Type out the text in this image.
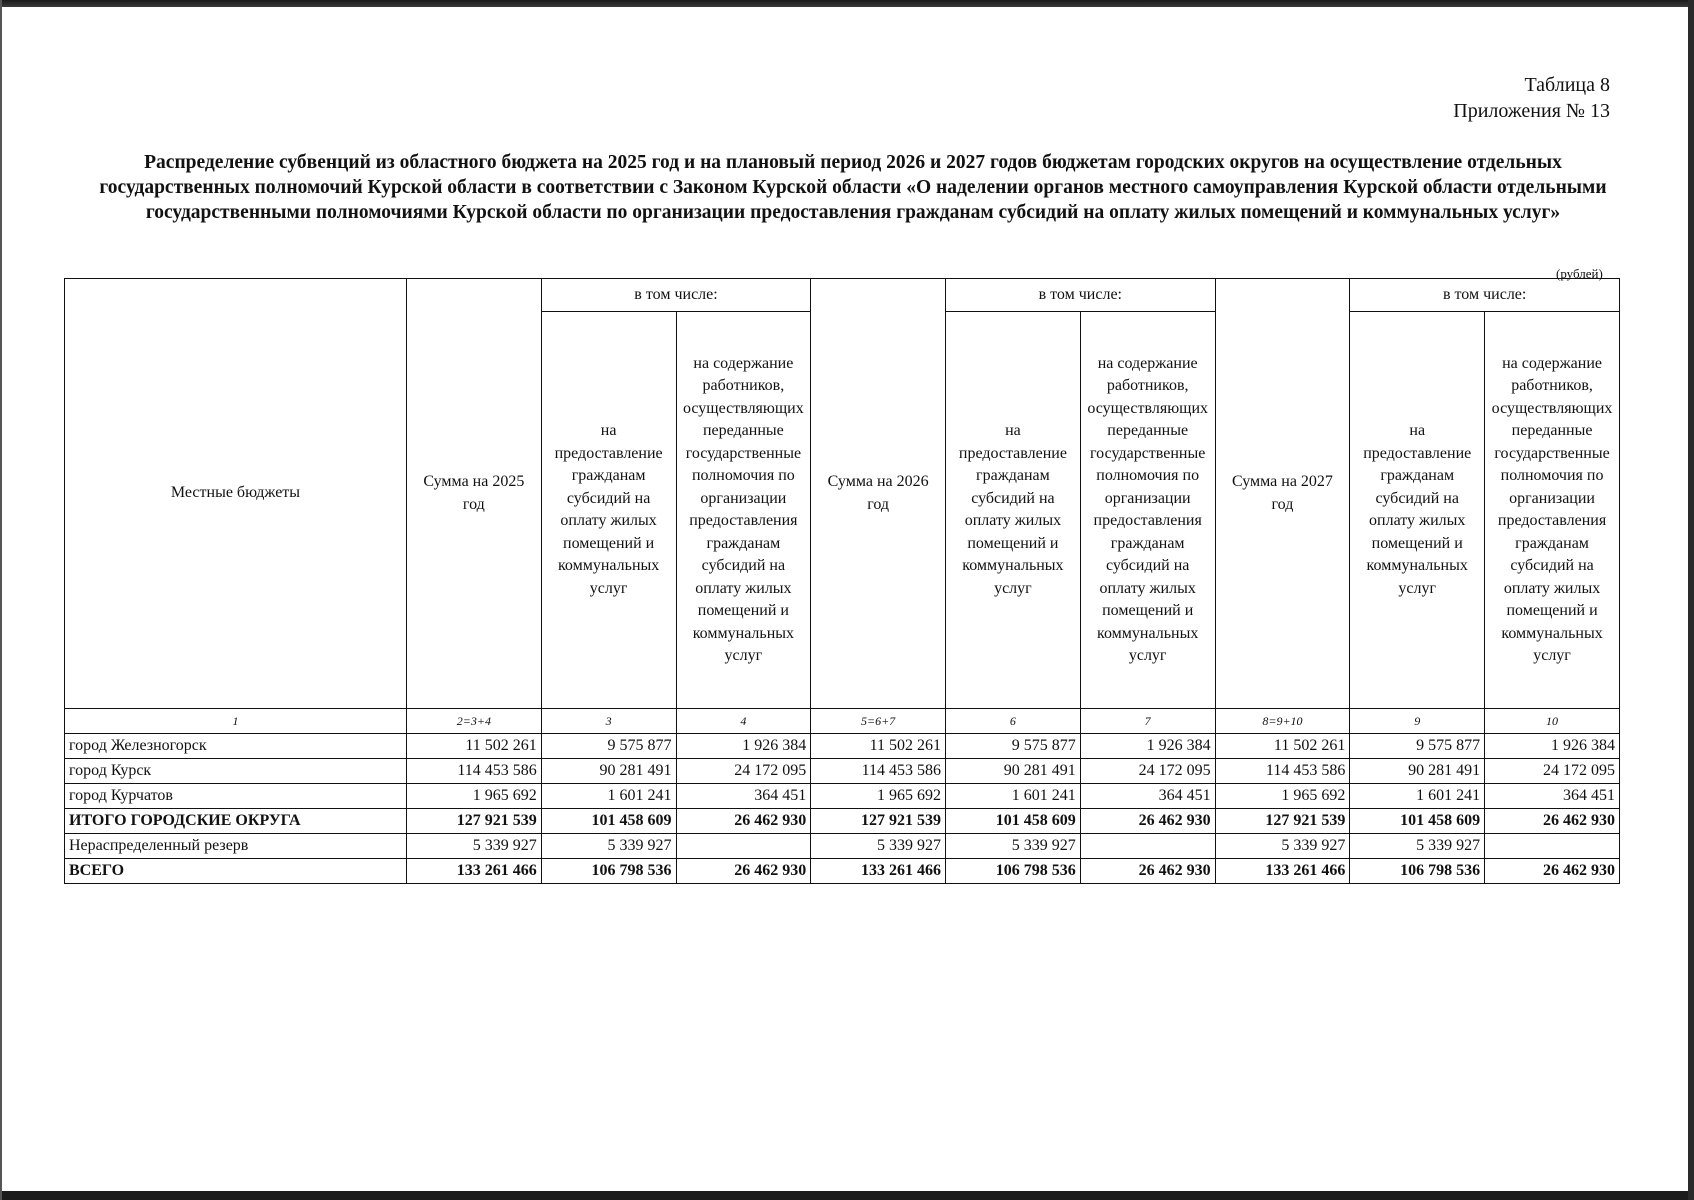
Таблица 8
Приложения № 13
Распределение субвенций из областного бюджета на 2025 год и на плановый период 2026 и 2027 годов бюджетам городских округов на осуществление отдельных государственных полномочий Курской области в соответствии с Законом Курской области «О наделении органов местного самоуправления Курской области отдельными государственными полномочиями Курской области по организации предоставления гражданам субсидий на оплату жилых помещений и коммунальных услуг»
(рублей)
Местные бюджеты	Сумма на 2025 год	в том числе:		Сумма на 2026 год	в том числе:		Сумма на 2027 год	в том числе:	
		на предоставление гражданам субсидий на оплату жилых помещений и коммунальных услуг	на содержание работников, осуществляющих переданные государственные полномочия по организации предоставления гражданам субсидий на оплату жилых помещений и коммунальных услуг		на предоставление гражданам субсидий на оплату жилых помещений и коммунальных услуг	на содержание работников, осуществляющих переданные государственные полномочия по организации предоставления гражданам субсидий на оплату жилых помещений и коммунальных услуг		на предоставление гражданам субсидий на оплату жилых помещений и коммунальных услуг	на содержание работников, осуществляющих переданные государственные полномочия по организации предоставления гражданам субсидий на оплату жилых помещений и коммунальных услуг
1	2=3+4	3	4	5=6+7	6	7	8=9+10	9	10
город Железногорск	11 502 261	9 575 877	1 926 384	11 502 261	9 575 877	1 926 384	11 502 261	9 575 877	1 926 384
город Курск	114 453 586	90 281 491	24 172 095	114 453 586	90 281 491	24 172 095	114 453 586	90 281 491	24 172 095
город Курчатов	1 965 692	1 601 241	364 451	1 965 692	1 601 241	364 451	1 965 692	1 601 241	364 451
ИТОГО ГОРОДСКИЕ ОКРУГА	127 921 539	101 458 609	26 462 930	127 921 539	101 458 609	26 462 930	127 921 539	101 458 609	26 462 930
Нераспределенный резерв	5 339 927	5 339 927		5 339 927	5 339 927		5 339 927	5 339 927	
ВСЕГО	133 261 466	106 798 536	26 462 930	133 261 466	106 798 536	26 462 930	133 261 466	106 798 536	26 462 930
